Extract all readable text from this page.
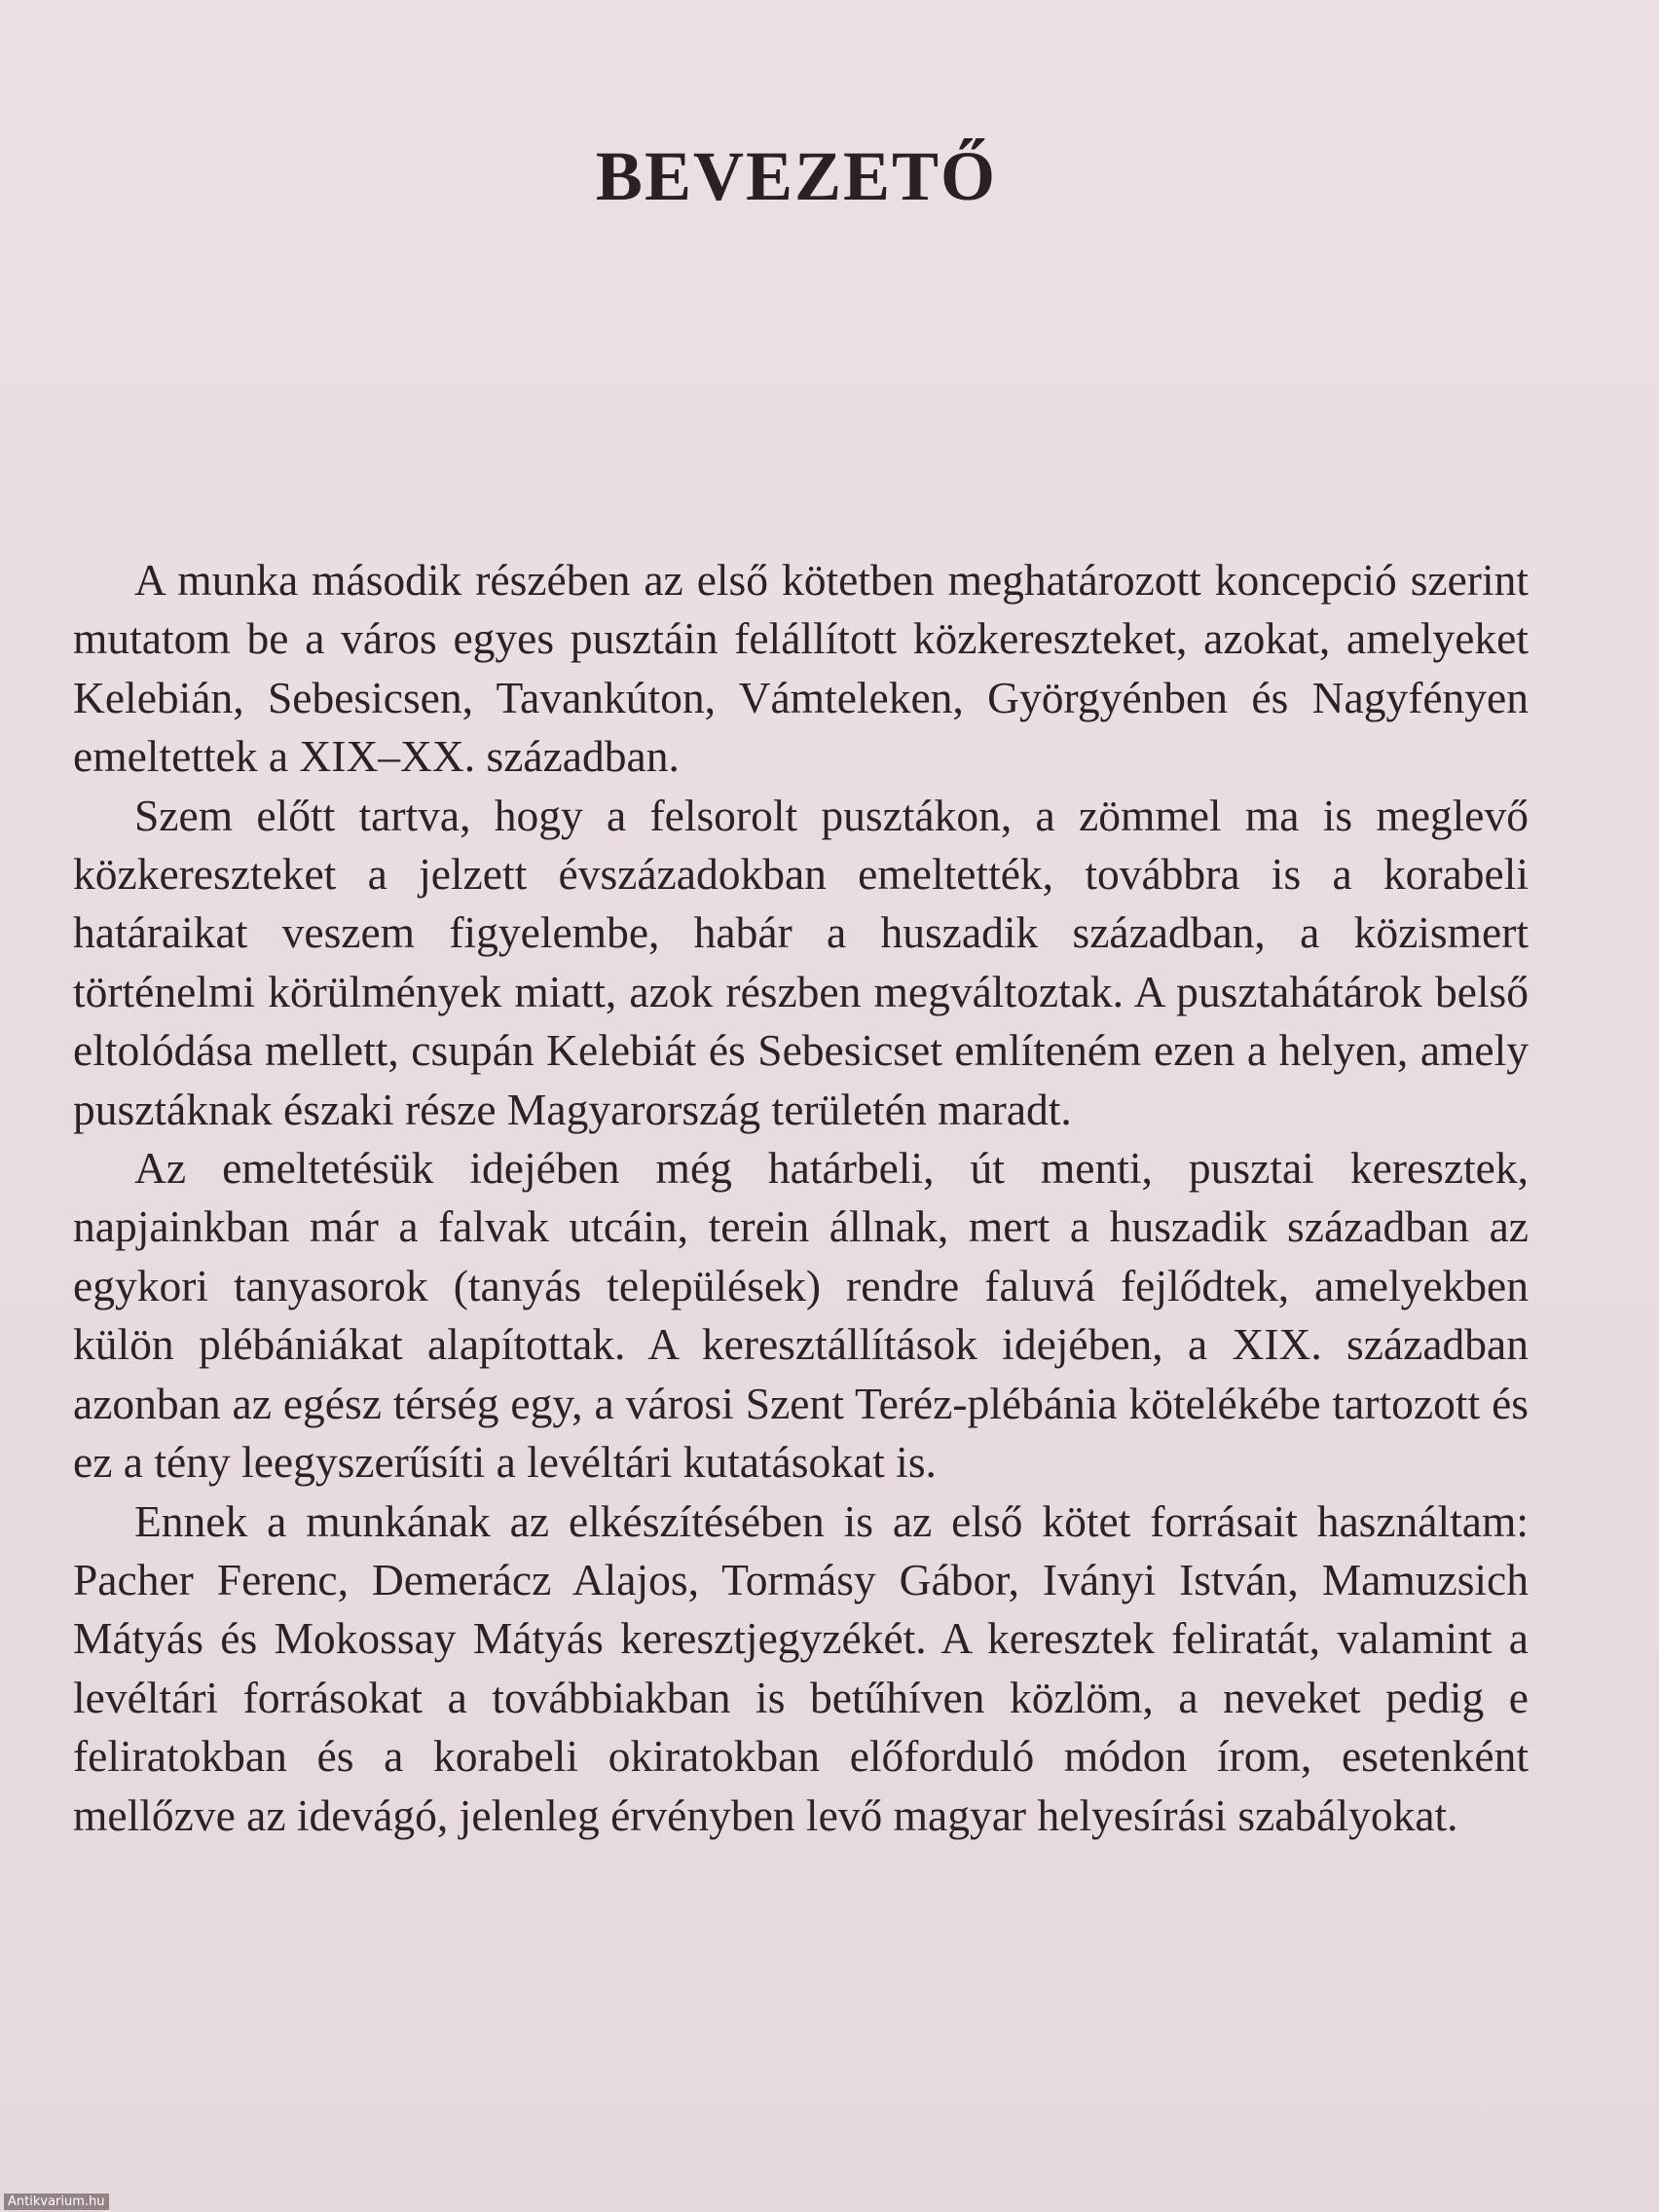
BEVEZETŐ

A munka második részében az első kötetben meghatározott koncepció szerint mutatom be a város egyes pusztáin felállított közkereszteket, azokat, amelyeket Kelebián, Sebesicsen, Tavankúton, Vámteleken, Györgyénben és Nagyfényen emeltettek a XIX–XX. században.

Szem előtt tartva, hogy a felsorolt pusztákon, a zömmel ma is meglevő közkereszteket a jelzett évszázadokban emeltették, továbbra is a korabeli határaikat veszem figyelembe, habár a huszadik században, a közismert történelmi körülmények miatt, azok részben megváltoztak. A pusztahátárok belső eltolódása mellett, csupán Kelebiát és Sebesicset említeném ezen a helyen, amely pusztáknak északi része Magyarország területén maradt.

Az emeltetésük idejében még határbeli, út menti, pusztai keresztek, napjainkban már a falvak utcáin, terein állnak, mert a huszadik században az egykori tanyasorok (tanyás települések) rendre faluvá fejlődtek, amelyekben külön plébániákat alapítottak. A keresztállítások idejében, a XIX. században azonban az egész térség egy, a városi Szent Teréz-plébánia kötelékébe tartozott és ez a tény leegyszerűsíti a levéltári kutatásokat is.

Ennek a munkának az elkészítésében is az első kötet forrásait használtam: Pacher Ferenc, Demerácz Alajos, Tormásy Gábor, Iványi István, Mamuzsich Mátyás és Mokossay Mátyás keresztjegyzékét. A keresztek feliratát, valamint a levéltári forrásokat a továbbiakban is betűhíven közlöm, a neveket pedig e feliratokban és a korabeli okiratokban előforduló módon írom, esetenként mellőzve az idevágó, jelenleg érvényben levő magyar helyesírási szabályokat.

Antikvarium.hu
